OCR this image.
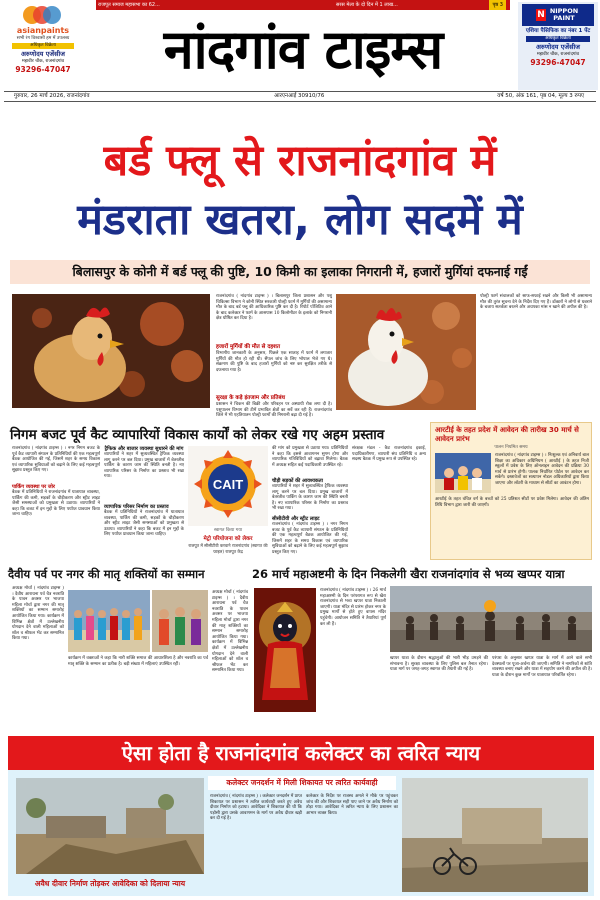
राजपूत समाज महासभा का 62...	सरस मेला के दो दिन में 1 लाख...	पृष्ठ 3
asianpaints
सभी रंग विश्वासी हम में उपलब्ध
अधिकृत विक्रेता
अरुणोदय एजेंसीज
महावीर चौक, राजनांदगांव
93296-47047
N NIPPON PAINT
एशिया पैसिफिक का नंबर 1 पेंट
अधिकृत विक्रेता
अरुणोदय एजेंसीज
महावीर चौक, राजनांदगांव
93296-47047
नांदगांव टाइम्स
गुरुवार, 26 मार्च 2026, राजनांदगांव	आरएनआई 30910/76	वर्ष 50, अंक 161, पृष्ठ 04, मूल्य 3 रुपए
बर्ड फ्लू से राजनांदगांव में
मंडराता खतरा, लोग सदमें में
बिलासपुर के कोनी में बर्ड फ्लू की पुष्टि, 10 किमी का इलाका निगरानी में, हजारों मुर्गियां दफनाई गईं
राजनांदगांव ( नांदगांव टाइम्स ) । बिलासपुर जिला प्रशासन और पशु चिकित्सा विभाग ने कोनी स्थित सरकारी पोल्ट्री फार्म में मुर्गियों की असामान्य मौत के बाद बर्ड फ्लू की आधिकारिक पुष्टि कर दी है। रिपोर्ट पॉजिटिव आने के बाद कलेक्टर ने फार्म के आसपास 10 किलोमीटर के इलाके को निगरानी क्षेत्र घोषित कर दिया है।
हजारों मुर्गियों की मौत से दहशत
विभागीय जानकारी के अनुसार, पिछले एक सप्ताह में फार्म में लगातार मुर्गियों की मौत हो रही थी। सैंपल जांच के लिए भोपाल भेजे गए थे। संक्रमण की पुष्टि के बाद हजारों मुर्गियों को नष्ट कर सुरक्षित तरीके से दफनाया गया है।
सुरक्षा के कड़े इंतजाम और प्रतिबंध
प्रशासन ने चिकन की बिक्री और परिवहन पर अस्थायी रोक लगा दी है। पशुपालन विभाग की टीमें प्रभावित क्षेत्रों का सर्वे कर रही हैं। राजनांदगांव जिले में भी एहतियातन पोल्ट्री फार्मों की निगरानी बढ़ा दी गई है।
पोल्ट्री फार्म संचालकों को साफ-सफाई रखने और किसी भी असामान्य मौत की तुरंत सूचना देने के निर्देश दिए गए हैं। डॉक्टरों ने लोगों से घबराने के बजाय सतर्कता बरतने और अधपका मांस न खाने की अपील की है।
निगम बजट पूर्व कैट व्यापारियों विकास कार्यों को लेकर रखे गए अहम प्रस्ताव
राजनांदगांव ( नांदगांव टाइम्स ) । नगर निगम बजट के पूर्व कैट व्यापारी संगठन के प्रतिनिधियों की एक महत्वपूर्ण बैठक आयोजित की गई, जिसमें शहर के समग्र विकास एवं व्यापारिक सुविधाओं को बढ़ाने के लिए कई महत्वपूर्ण सुझाव प्रस्तुत किए गए।
पार्किंग व्यवस्था पर जोर
बैठक में प्रतिनिधियों ने राजनांदगांव में यातायात व्यवस्था, पार्किंग की कमी, सड़कों के चौड़ीकरण और स्ट्रीट लाइट जैसी समस्याओं को प्रमुखता से उठाया। व्यापारियों ने कहा कि बजट में इन मुद्दों के लिए पर्याप्त प्रावधान किया जाना चाहिए।
ट्रैफिक और बाजार व्यवस्था सुधारने की मांग
व्यापारियों ने शहर में सुव्यवस्थित ट्रैफिक व्यवस्था लागू करने पर बल दिया। प्रमुख बाजारों में बेतरतीब पार्किंग के कारण जाम की स्थिति बनती है। नए व्यापारिक परिसर के निर्माण का प्रस्ताव भी रखा गया।
व्यापारिक परिसर निर्माण का प्रस्ताव
बैठक में प्रतिनिधियों ने राजनांदगांव में यातायात व्यवस्था, पार्किंग की कमी, सड़कों के चौड़ीकरण और स्ट्रीट लाइट जैसी समस्याओं को प्रमुखता से उठाया। व्यापारियों ने कहा कि बजट में इन मुद्दों के लिए पर्याप्त प्रावधान किया जाना चाहिए।
CAIT
स्वागत किया गया
मेट्रो परियोजना को लेकर
राजपूत में सीसीटीवी करवाने राजनांदगांव (स्वागत की फाइल) राजपूत केंद्र
की मांग को प्रमुखता से उठाया गया। प्रतिनिधियों ने कहा कि इससे आवागमन सुगम होगा और व्यापारिक गतिविधियों को बढ़ावा मिलेगा। बैठक में अध्यक्ष सहित कई पदाधिकारी उपस्थित रहे।
चौड़ी सड़कों की आवश्यकता
व्यापारियों ने शहर में सुव्यवस्थित ट्रैफिक व्यवस्था लागू करने पर बल दिया। प्रमुख बाजारों में बेतरतीब पार्किंग के कारण जाम की स्थिति बनती है। नए व्यापारिक परिसर के निर्माण का प्रस्ताव भी रखा गया।
सीसीटीवी और स्ट्रीट लाइट
राजनांदगांव ( नांदगांव टाइम्स ) । नगर निगम बजट के पूर्व कैट व्यापारी संगठन के प्रतिनिधियों की एक महत्वपूर्ण बैठक आयोजित की गई, जिसमें शहर के समग्र विकास एवं व्यापारिक सुविधाओं को बढ़ाने के लिए कई महत्वपूर्ण सुझाव प्रस्तुत किए गए।
संरक्षक मंडल - कैट राजनांदगांव इकाई, पदाधिकारीगण, व्यापारी संघ प्रतिनिधि व अन्य सदस्य बैठक में प्रमुख रूप से उपस्थित रहे।
आरटीई के तहत प्रदेश में आवेदन की तारीख 30 मार्च से आवेदन प्रारंभ
पालन नियमित समय
राजनांदगांव ( नांदगांव टाइम्स ) । निःशुल्क एवं अनिवार्य बाल शिक्षा का अधिकार अधिनियम ( आरटीई ) के तहत निजी स्कूलों में प्रवेश के लिए ऑनलाइन आवेदन की प्रक्रिया 30 मार्च से प्रारंभ होगी। पालक निर्धारित पोर्टल पर आवेदन कर सकेंगे। दस्तावेजों का सत्यापन नोडल अधिकारियों द्वारा किया जाएगा और लॉटरी के माध्यम से सीटों का आवंटन होगा।
आरटीई के तहत वंचित वर्ग के बच्चों को 25 प्रतिशत सीटों पर प्रवेश मिलेगा। आवेदन की अंतिम तिथि विभाग द्वारा जारी की जाएगी।
दैवीय पर्व पर नगर की मातृ शक्तियों का सम्मान
अध्यक्ष मोर्चा ( नांदगांव टाइम्स ) । दैवीय आराधना पर्व चैत्र नवरात्रि के पावन अवसर पर भाजपा महिला मोर्चा द्वारा नगर की मातृ शक्तियों का सम्मान समारोह आयोजित किया गया। कार्यक्रम में विभिन्न क्षेत्रों में उल्लेखनीय योगदान देने वाली महिलाओं को शॉल व श्रीफल भेंट कर सम्मानित किया गया।
कार्यक्रम में वक्ताओं ने कहा कि नारी शक्ति समाज की आधारशिला है और नवरात्रि का पर्व मातृ शक्ति के सम्मान का प्रतीक है। बड़ी संख्या में महिलाएं उपस्थित रहीं।
अध्यक्ष मोर्चा ( नांदगांव टाइम्स ) । दैवीय आराधना पर्व चैत्र नवरात्रि के पावन अवसर पर भाजपा महिला मोर्चा द्वारा नगर की मातृ शक्तियों का सम्मान समारोह आयोजित किया गया। कार्यक्रम में विभिन्न क्षेत्रों में उल्लेखनीय योगदान देने वाली महिलाओं को शॉल व श्रीफल भेंट कर सम्मानित किया गया।
26 मार्च महाअष्टमी के दिन निकलेगी खैरा राजनांदगांव से भव्य खप्पर यात्रा
राजनांदगांव ( नांदगांव टाइम्स ) । 26 मार्च महाअष्टमी के दिन परंपरागत रूप से खैरा राजनांदगांव से भव्य खप्पर यात्रा निकाली जाएगी। यात्रा मंदिर से प्रारंभ होकर नगर के प्रमुख मार्गों से होते हुए वापस मंदिर पहुंचेगी। आयोजन समिति ने तैयारियां पूर्ण कर ली हैं।
खप्पर यात्रा के दौरान श्रद्धालुओं की भारी भीड़ उमड़ने की संभावना है। सुरक्षा व्यवस्था के लिए पुलिस बल तैनात रहेगा। यात्रा मार्ग पर जगह-जगह स्वागत की तैयारी की गई है।
परंपरा के अनुसार खप्पर यात्रा के मार्ग में आने वाले सभी देवस्थलों पर पूजा-अर्चना की जाएगी। समिति ने नागरिकों से शांति व्यवस्था बनाए रखने और यात्रा में सहयोग करने की अपील की है। यात्रा के दौरान कुछ मार्गों पर यातायात परिवर्तित रहेगा।
ऐसा होता है राजनांदगांव कलेक्टर का त्वरित न्याय
कलेक्टर जनदर्शन में मिली शिकायत पर त्वरित कार्यवाही
अवैध दीवार निर्माण तोड़कर आवेदिका को दिलाया न्याय
राजनांदगांव ( नांदगांव टाइम्स ) । कलेक्टर जनदर्शन में प्राप्त शिकायत पर प्रशासन ने त्वरित कार्यवाही करते हुए अवैध दीवार निर्माण को हटाया। आवेदिका ने शिकायत की थी कि पड़ोसी द्वारा उसके आवागमन के मार्ग पर अवैध दीवार खड़ी कर दी गई है।
कलेक्टर के निर्देश पर राजस्व अमले ने मौके पर पहुंचकर जांच की और शिकायत सही पाए जाने पर अवैध निर्माण को तोड़ा गया। आवेदिका ने त्वरित न्याय के लिए प्रशासन का आभार व्यक्त किया।
